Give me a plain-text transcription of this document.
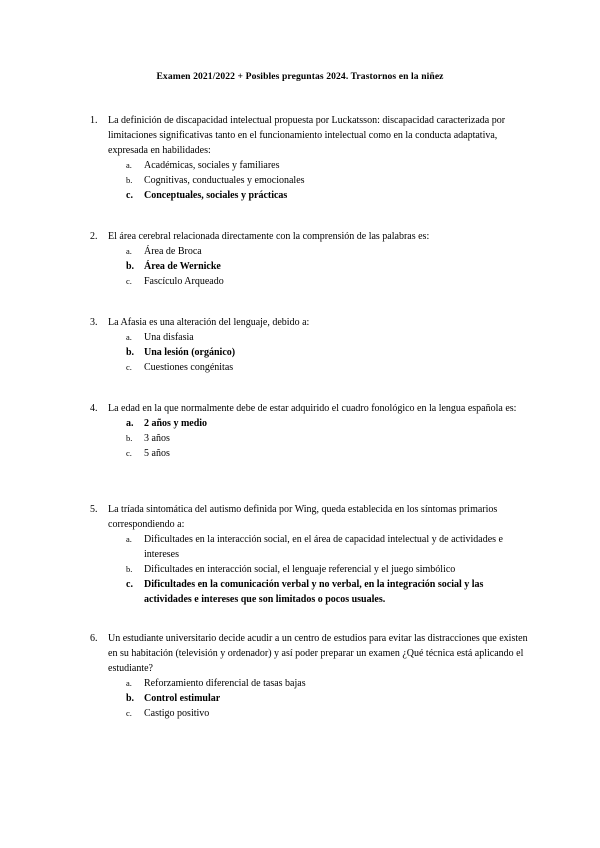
Examen 2021/2022 + Posibles preguntas 2024. Trastornos en la niñez
1.	La definición de discapacidad intelectual propuesta por Luckatsson: discapacidad caracterizada por limitaciones significativas tanto en el funcionamiento intelectual como en la conducta adaptativa, expresada en habilidades:
a.	Académicas, sociales y familiares
b.	Cognitivas, conductuales y emocionales
c.	Conceptuales, sociales y prácticas
2.	El área cerebral relacionada directamente con la comprensión de las palabras es:
a.	Área de Broca
b. Área de Wernicke
c.	Fascículo Arqueado
3.	La Afasia es una alteración del lenguaje, debido a:
a.	Una disfasia
b. Una lesión (orgánico)
c.	Cuestiones congénitas
4.	La edad en la que normalmente debe de estar adquirido el cuadro fonológico en la lengua española es:
a.	2 años y medio
b.	3 años
c.	5 años
5.	La tríada sintomática del autismo definida por Wing, queda establecida en los síntomas primarios correspondiendo a:
a.	Dificultades en la interacción social, en el área de capacidad intelectual y de actividades e intereses
b.	Dificultades en interacción social, el lenguaje referencial y el juego simbólico
c.	Dificultades en la comunicación verbal y no verbal, en la integración social y las actividades e intereses que son limitados o pocos usuales.
6.	Un estudiante universitario decide acudir a un centro de estudios para evitar las distracciones que existen en su habitación (televisión y ordenador) y así poder preparar un examen ¿Qué técnica está aplicando el estudiante?
a.	Reforzamiento diferencial de tasas bajas
b. Control estimular
c.	Castigo positivo
